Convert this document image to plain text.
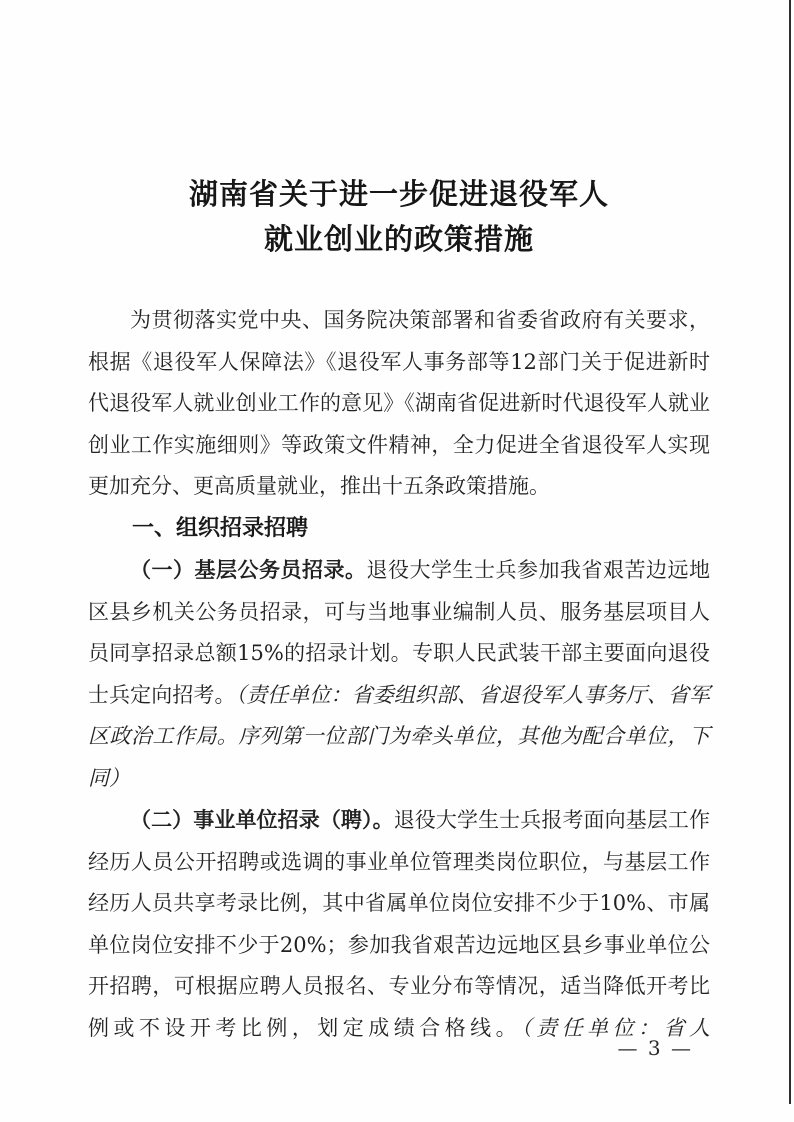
湖南省关于进一步促进退役军人
就业创业的政策措施

为贯彻落实党中央、国务院决策部署和省委省政府有关要求，根据《退役军人保障法》《退役军人事务部等12部门关于促进新时代退役军人就业创业工作的意见》《湖南省促进新时代退役军人就业创业工作实施细则》等政策文件精神，全力促进全省退役军人实现更加充分、更高质量就业，推出十五条政策措施。

一、组织招录招聘

（一）基层公务员招录。退役大学生士兵参加我省艰苦边远地区县乡机关公务员招录，可与当地事业编制人员、服务基层项目人员同享招录总额15%的招录计划。专职人民武装干部主要面向退役士兵定向招考。（责任单位：省委组织部、省退役军人事务厅、省军区政治工作局。序列第一位部门为牵头单位，其他为配合单位，下同）

（二）事业单位招录（聘）。退役大学生士兵报考面向基层工作经历人员公开招聘或选调的事业单位管理类岗位职位，与基层工作经历人员共享考录比例，其中省属单位岗位安排不少于10%、市属单位岗位安排不少于20%；参加我省艰苦边远地区县乡事业单位公开招聘，可根据应聘人员报名、专业分布等情况，适当降低开考比例或不设开考比例，划定成绩合格线。（责任单位：省人

— 3 —
